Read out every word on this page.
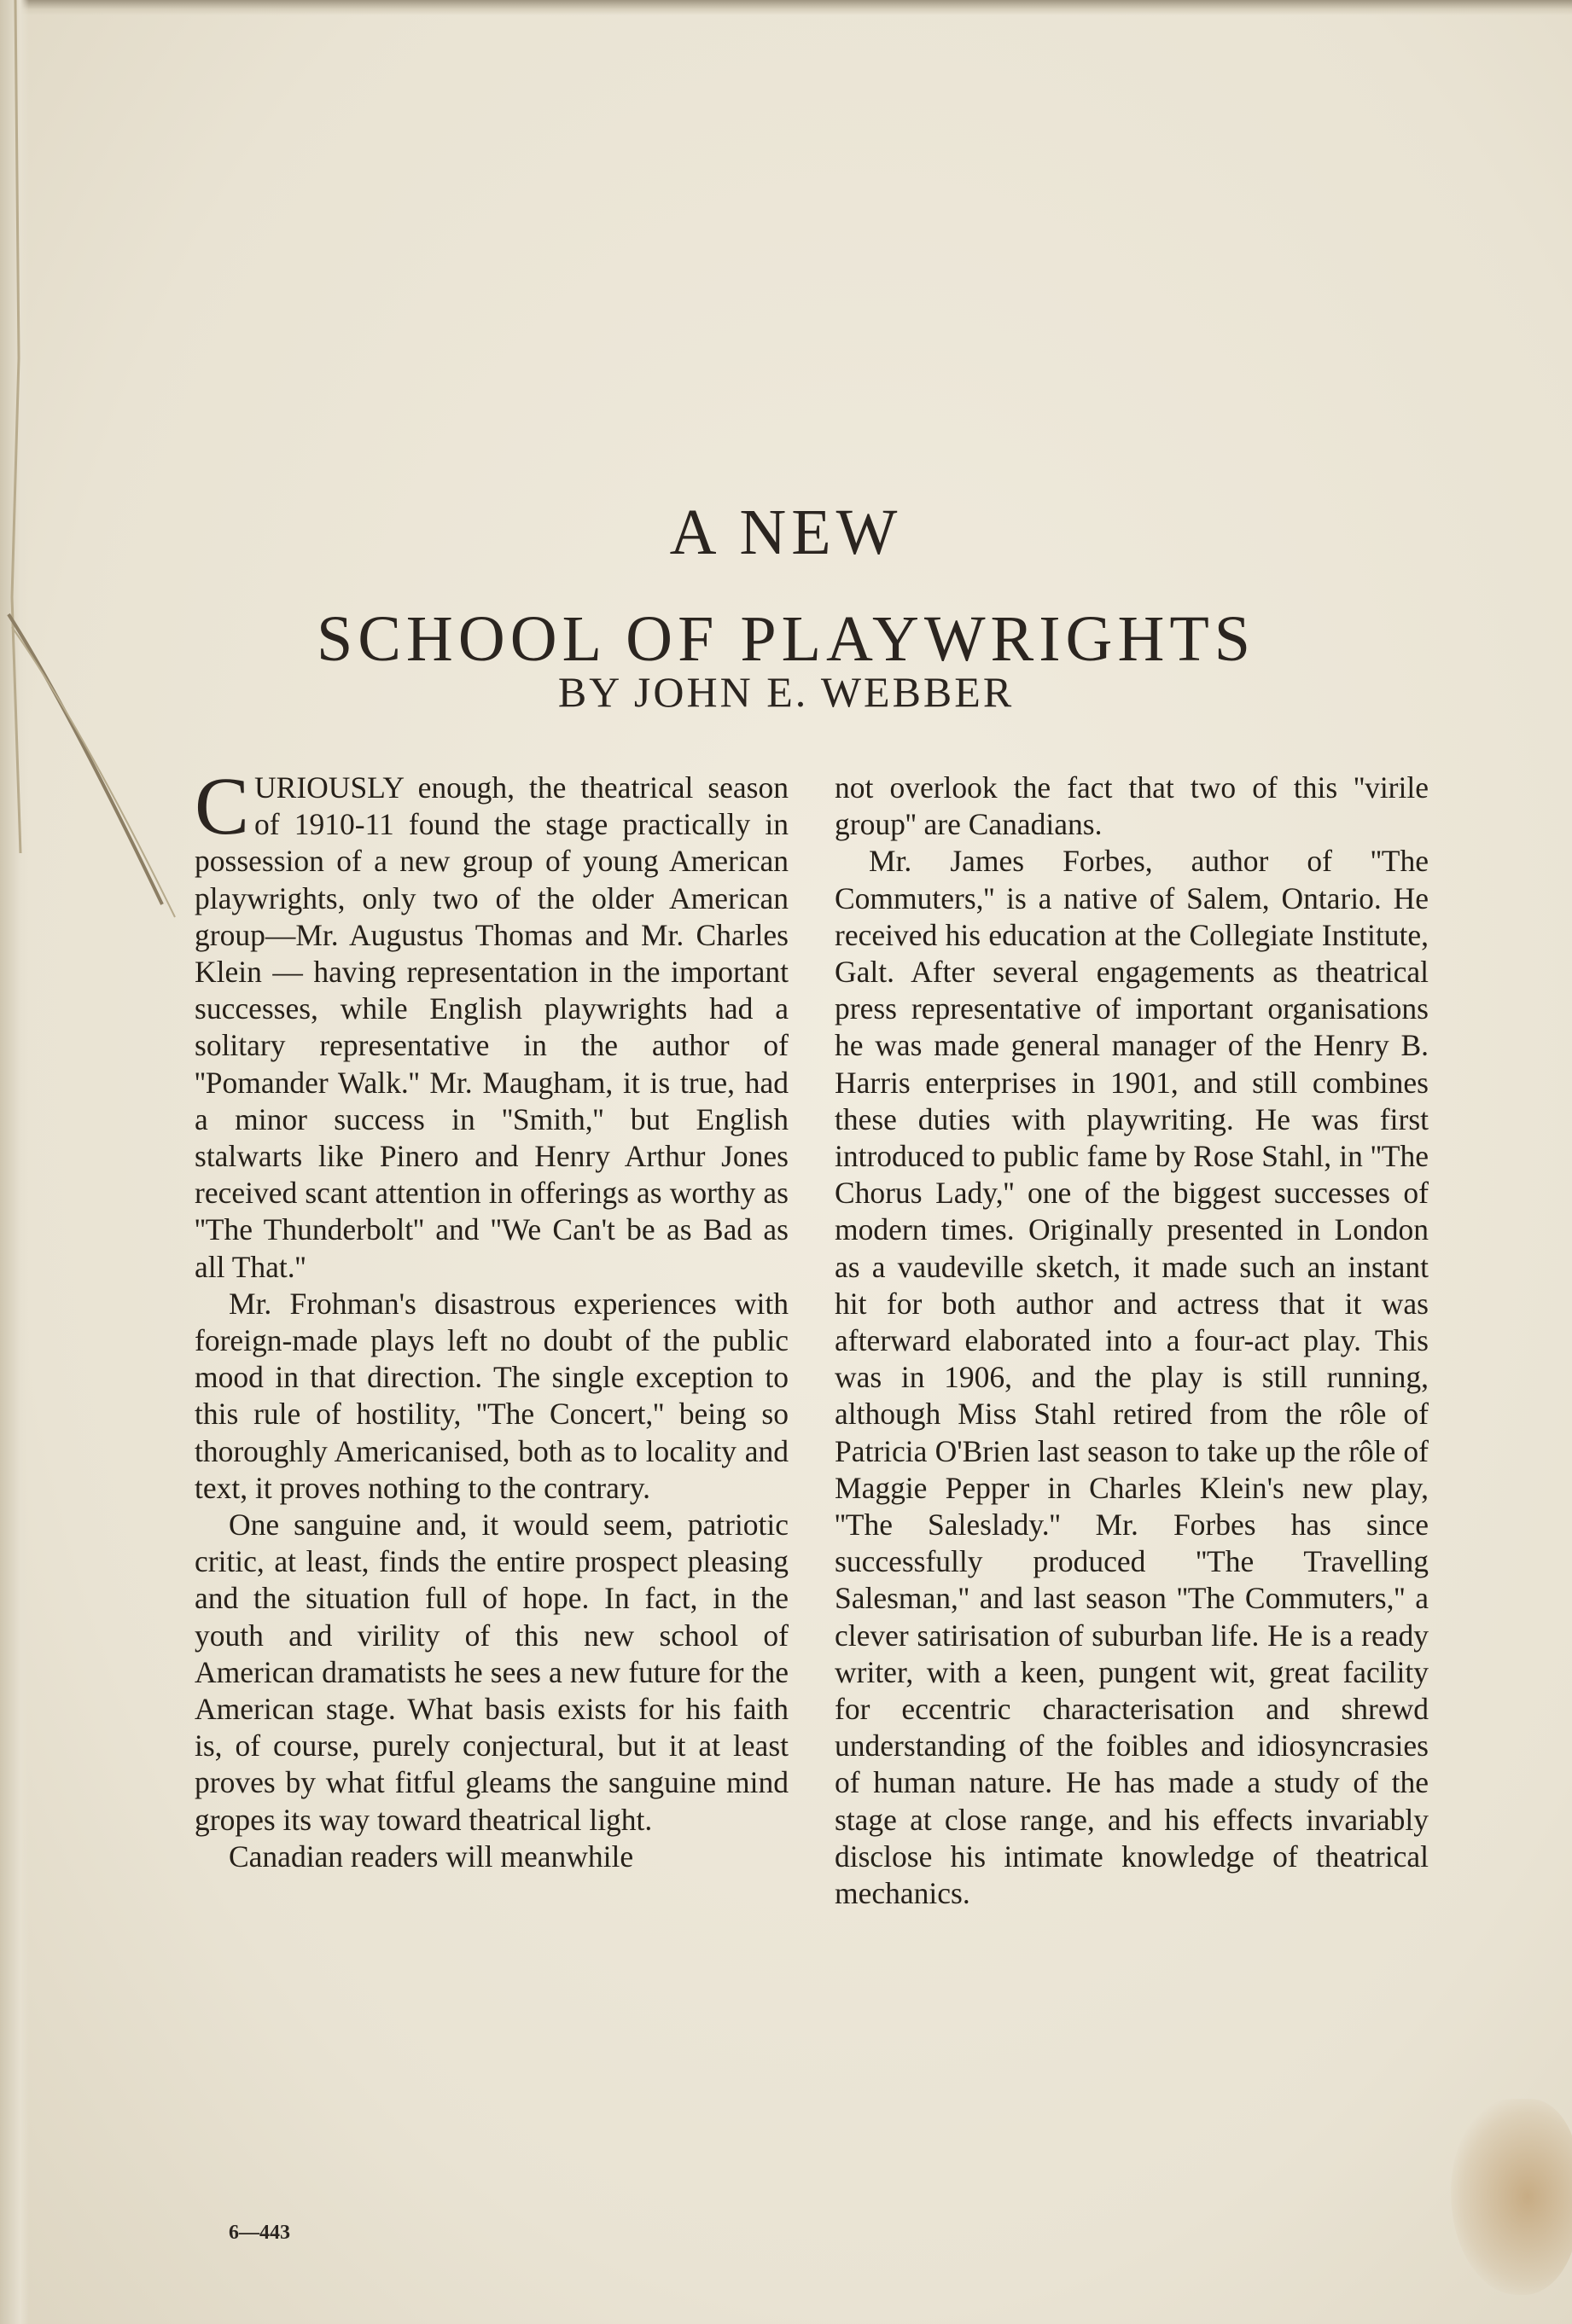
A NEW
SCHOOL OF PLAYWRIGHTS
BY JOHN E. WEBBER

CURIOUSLY enough, the theatrical season of 1910-11 found the stage practically in possession of a new group of young American playwrights, only two of the older American group—Mr. Augustus Thomas and Mr. Charles Klein — having representation in the important successes, while English playwrights had a solitary representative in the author of ''Pomander Walk.'' Mr. Maugham, it is true, had a minor success in ''Smith,'' but English stalwarts like Pinero and Henry Arthur Jones received scant attention in offerings as worthy as ''The Thunderbolt'' and ''We Can't be as Bad as all That.''

Mr. Frohman's disastrous experiences with foreign-made plays left no doubt of the public mood in that direction. The single exception to this rule of hostility, ''The Concert,'' being so thoroughly Americanised, both as to locality and text, it proves nothing to the contrary.

One sanguine and, it would seem, patriotic critic, at least, finds the entire prospect pleasing and the situation full of hope. In fact, in the youth and virility of this new school of American dramatists he sees a new future for the American stage. What basis exists for his faith is, of course, purely conjectural, but it at least proves by what fitful gleams the sanguine mind gropes its way toward theatrical light.

Canadian readers will meanwhile

not overlook the fact that two of this ''virile group'' are Canadians.

Mr. James Forbes, author of ''The Commuters,'' is a native of Salem, Ontario. He received his education at the Collegiate Institute, Galt. After several engagements as theatrical press representative of important organisations he was made general manager of the Henry B. Harris enterprises in 1901, and still combines these duties with playwriting. He was first introduced to public fame by Rose Stahl, in ''The Chorus Lady,'' one of the biggest successes of modern times. Originally presented in London as a vaudeville sketch, it made such an instant hit for both author and actress that it was afterward elaborated into a four-act play. This was in 1906, and the play is still running, although Miss Stahl retired from the rôle of Patricia O'Brien last season to take up the rôle of Maggie Pepper in Charles Klein's new play, ''The Saleslady.'' Mr. Forbes has since successfully produced ''The Travelling Salesman,'' and last season ''The Commuters,'' a clever satirisation of suburban life. He is a ready writer, with a keen, pungent wit, great facility for eccentric characterisation and shrewd understanding of the foibles and idiosyncrasies of human nature. He has made a study of the stage at close range, and his effects invariably disclose his intimate knowledge of theatrical mechanics.

6—443
